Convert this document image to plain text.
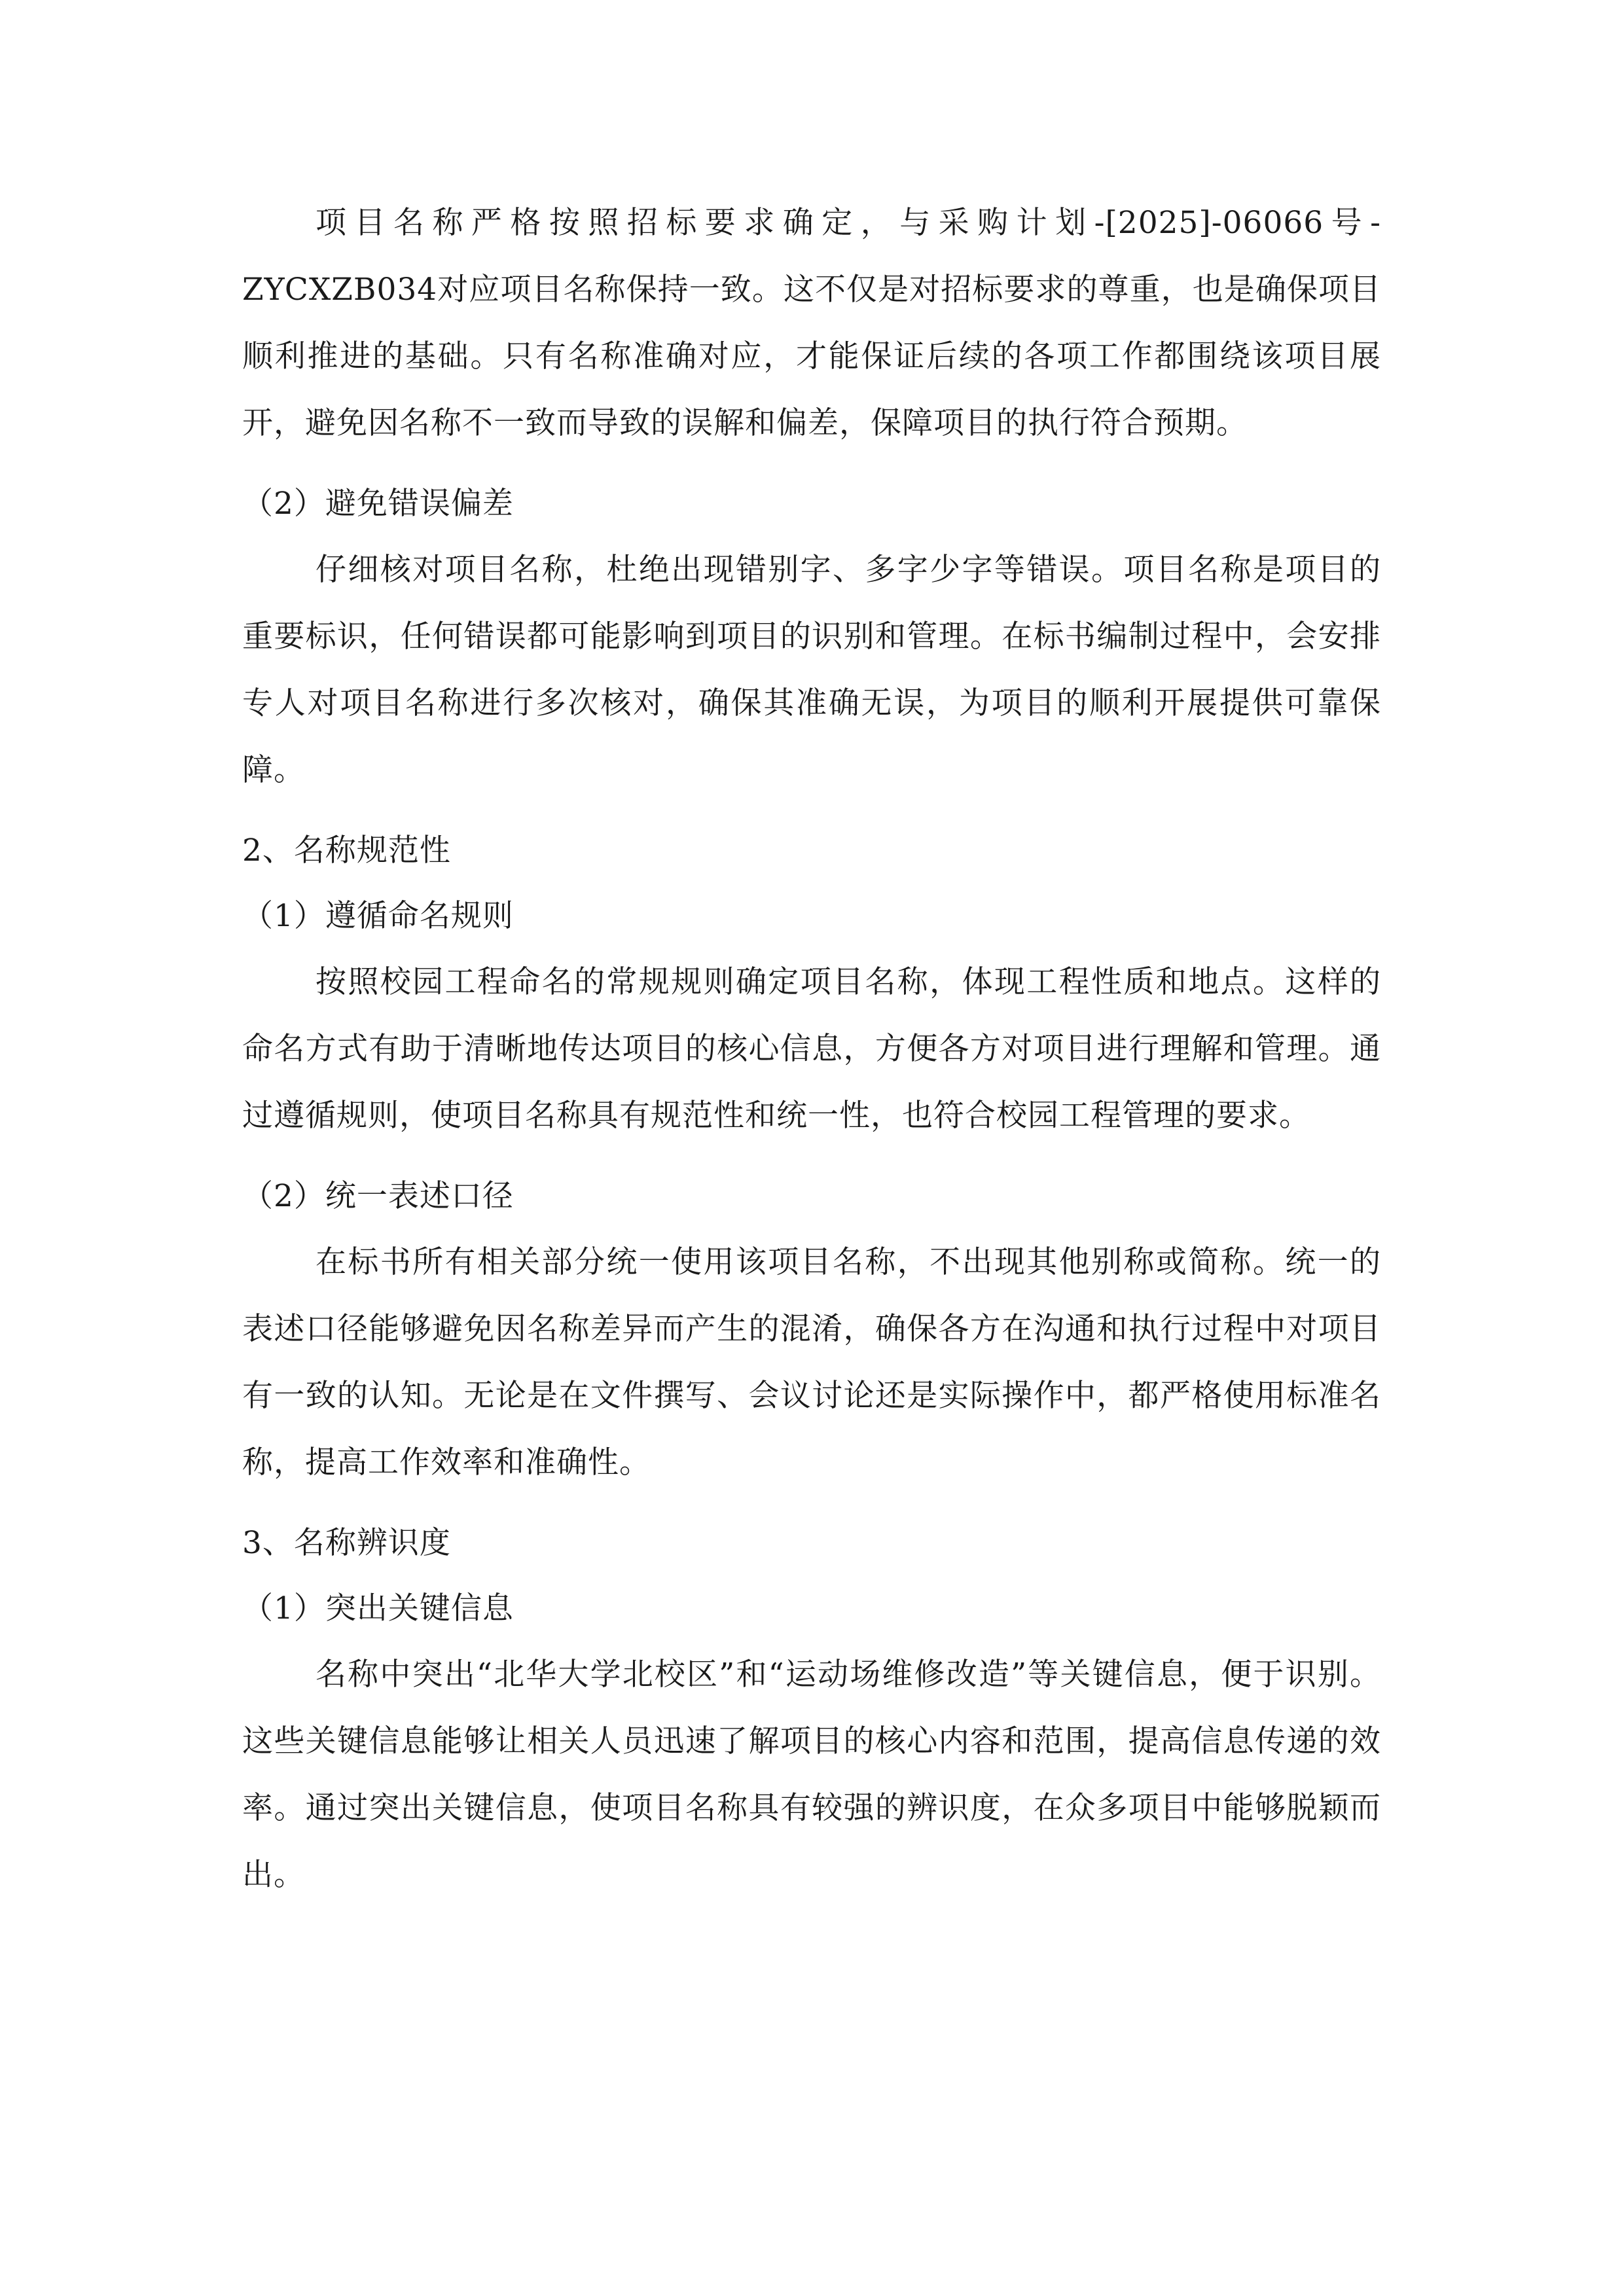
项目名称严格按照招标要求确定，与采购计划-[2025]-06066号-ZYCXZB034对应项目名称保持一致。这不仅是对招标要求的尊重，也是确保项目顺利推进的基础。只有名称准确对应，才能保证后续的各项工作都围绕该项目展开，避免因名称不一致而导致的误解和偏差，保障项目的执行符合预期。

（2）避免错误偏差

仔细核对项目名称，杜绝出现错别字、多字少字等错误。项目名称是项目的重要标识，任何错误都可能影响到项目的识别和管理。在标书编制过程中，会安排专人对项目名称进行多次核对，确保其准确无误，为项目的顺利开展提供可靠保障。

2、名称规范性

（1）遵循命名规则

按照校园工程命名的常规规则确定项目名称，体现工程性质和地点。这样的命名方式有助于清晰地传达项目的核心信息，方便各方对项目进行理解和管理。通过遵循规则，使项目名称具有规范性和统一性，也符合校园工程管理的要求。

（2）统一表述口径

在标书所有相关部分统一使用该项目名称，不出现其他别称或简称。统一的表述口径能够避免因名称差异而产生的混淆，确保各方在沟通和执行过程中对项目有一致的认知。无论是在文件撰写、会议讨论还是实际操作中，都严格使用标准名称，提高工作效率和准确性。

3、名称辨识度

（1）突出关键信息

名称中突出“北华大学北校区”和“运动场维修改造”等关键信息，便于识别。这些关键信息能够让相关人员迅速了解项目的核心内容和范围，提高信息传递的效率。通过突出关键信息，使项目名称具有较强的辨识度，在众多项目中能够脱颖而出。
